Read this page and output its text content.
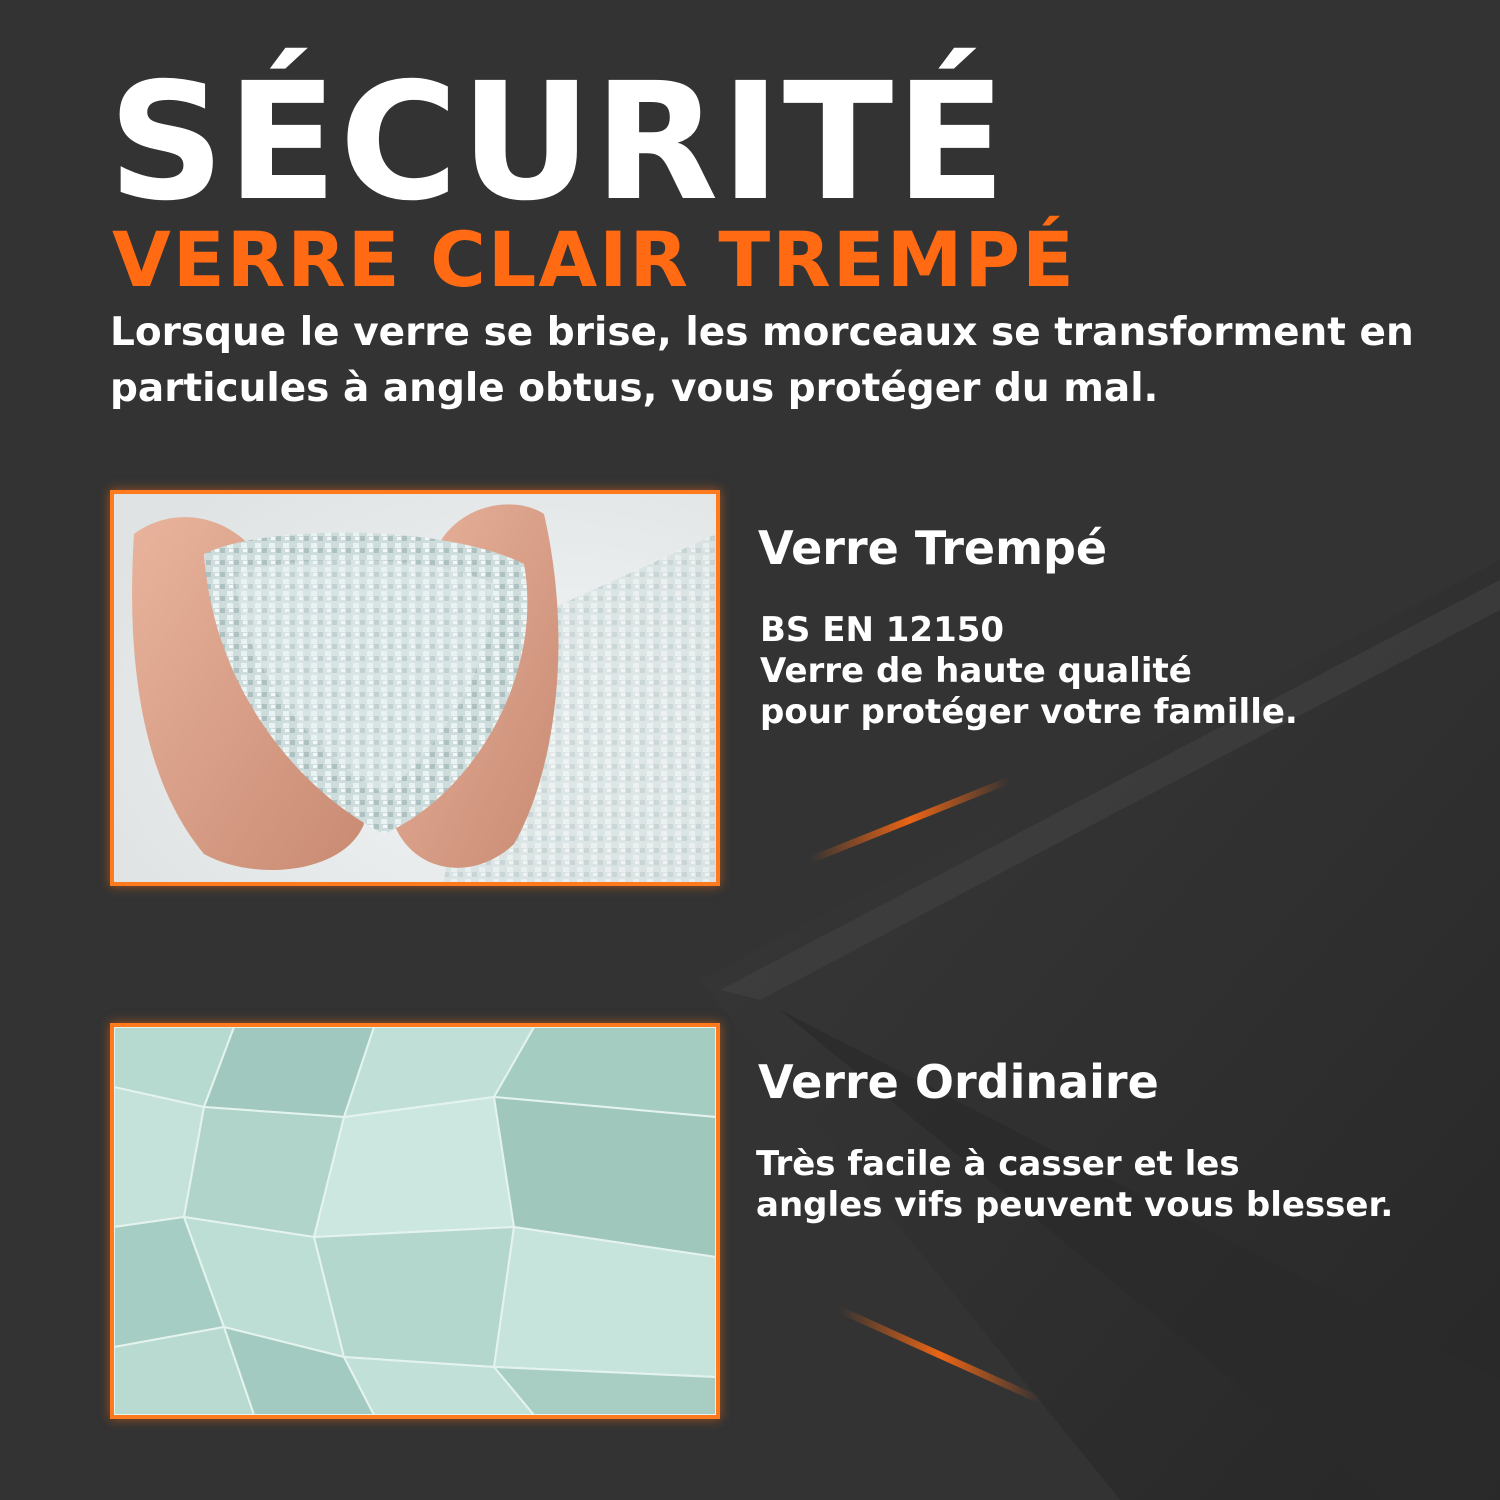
SÉCURITÉ
VERRE CLAIR TREMPÉ

Lorsque le verre se brise, les morceaux se transforment en particules à angle obtus, vous protéger du mal.

Verre Trempé
BS EN 12150
Verre de haute qualité
pour protéger votre famille.
Verre Ordinaire
Très facile à casser et les
angles vifs peuvent vous blesser.
